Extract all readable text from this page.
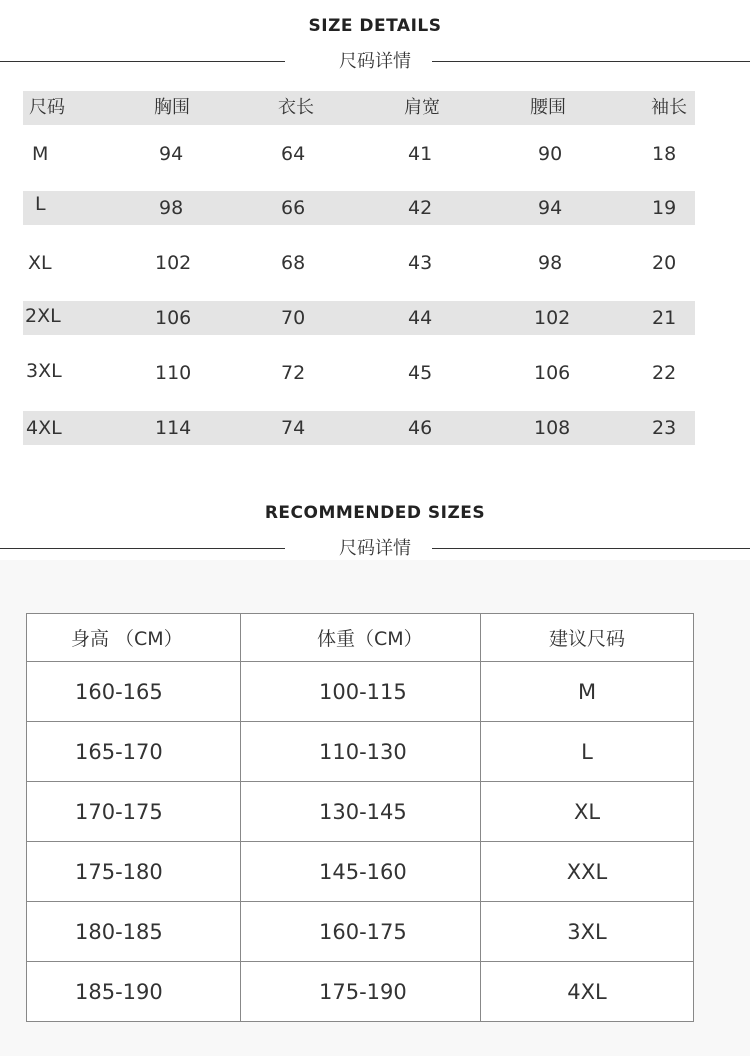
SIZE DETAILS
尺码详情
尺码	胸围	衣长	肩宽	腰围	袖长
M	94	64	41	90	18
L	98	66	42	94	19
XL	102	68	43	98	20
2XL	106	70	44	102	21
3XL	110	72	45	106	22
4XL	114	74	46	108	23
RECOMMENDED SIZES
尺码详情
身高 （CM）	体重（CM）	建议尺码
160-165	100-115	M
165-170	110-130	L
170-175	130-145	XL
175-180	145-160	XXL
180-185	160-175	3XL
185-190	175-190	4XL
